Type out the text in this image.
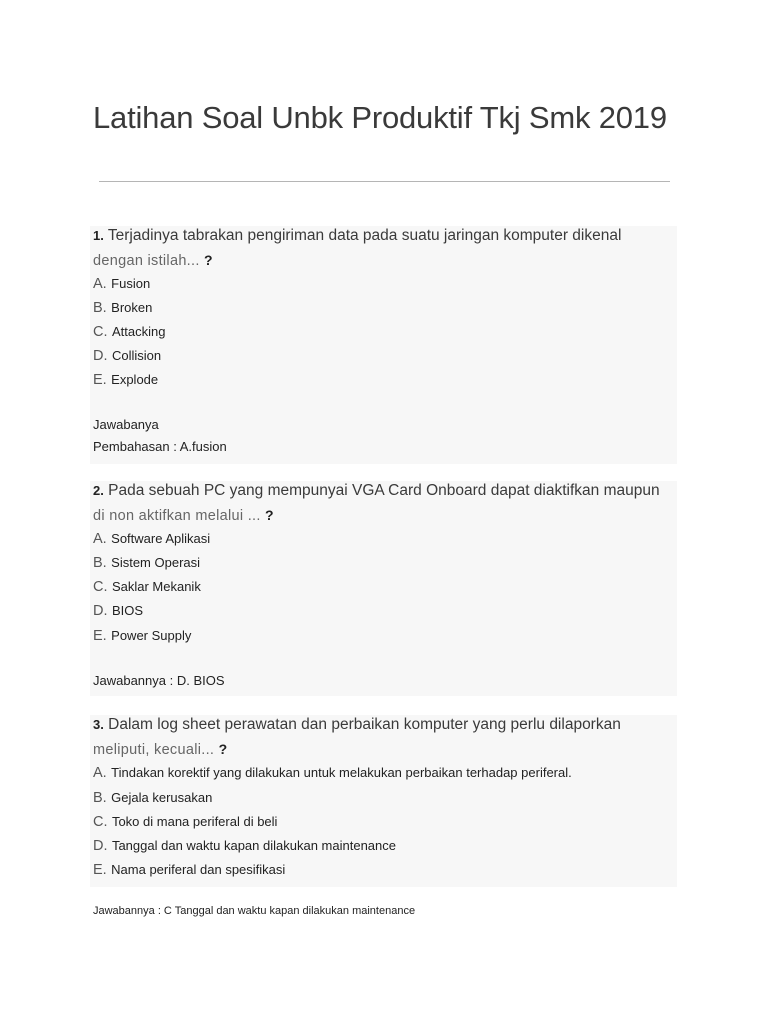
Latihan Soal Unbk Produktif Tkj Smk 2019
1. Terjadinya tabrakan pengiriman data pada suatu jaringan komputer dikenal
dengan istilah... ?
A. Fusion
B. Broken
C. Attacking
D. Collision
E. Explode
Jawabanya
Pembahasan : A.fusion
2. Pada sebuah PC yang mempunyai VGA Card Onboard dapat diaktifkan maupun
di non aktifkan melalui ... ?
A. Software Aplikasi
B. Sistem Operasi
C. Saklar Mekanik
D. BIOS
E. Power Supply
Jawabannya : D. BIOS
3. Dalam log sheet perawatan dan perbaikan komputer yang perlu dilaporkan
meliputi, kecuali... ?
A. Tindakan korektif yang dilakukan untuk melakukan perbaikan terhadap periferal.
B. Gejala kerusakan
C. Toko di mana periferal di beli
D. Tanggal dan waktu kapan dilakukan maintenance
E. Nama periferal dan spesifikasi
Jawabannya : C Tanggal dan waktu kapan dilakukan maintenance
